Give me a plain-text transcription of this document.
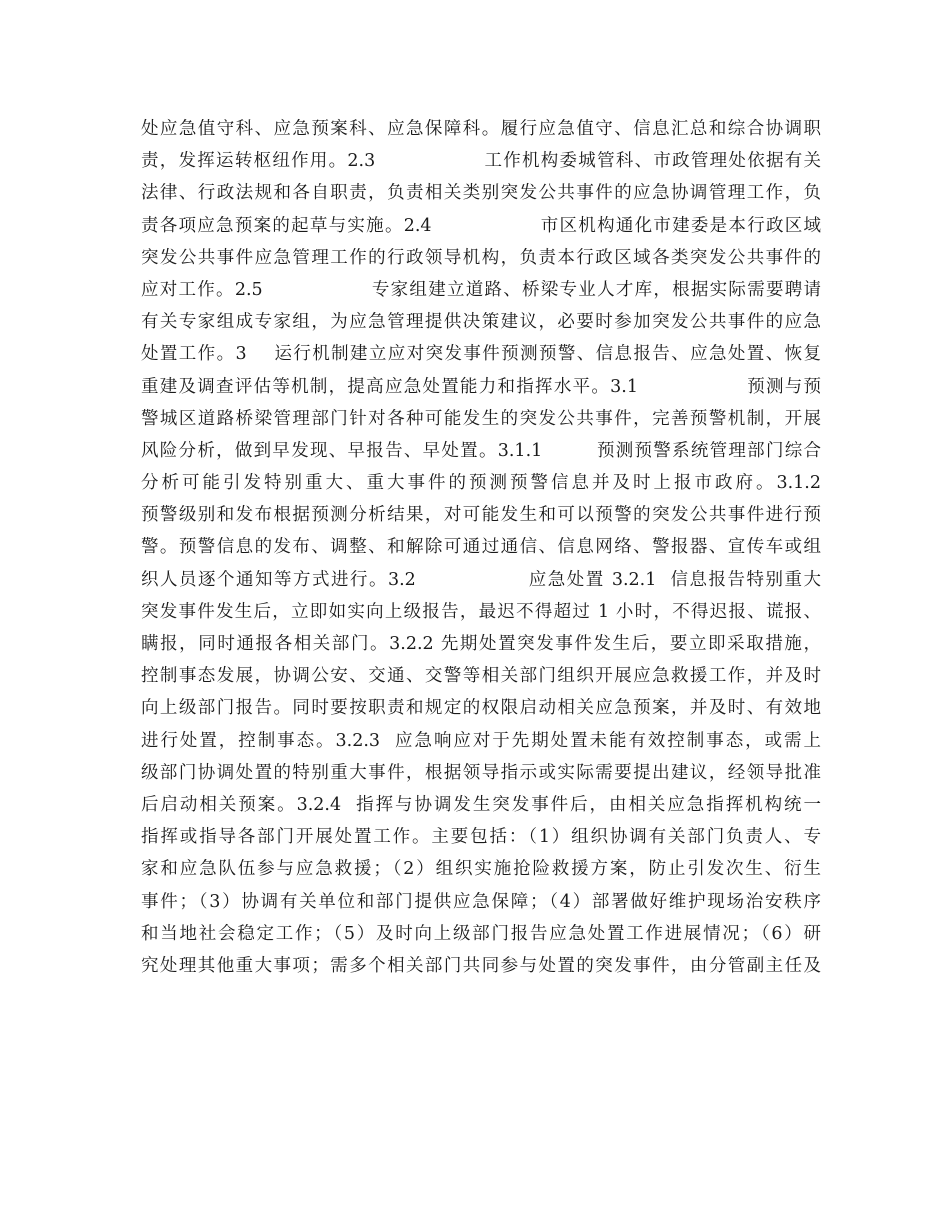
处应急值守科、应急预案科、应急保障科。履行应急值守、信息汇总和综合协调职
责，发挥运转枢纽作用。2.3                工作机构委城管科、市政管理处依据有关
法律、行政法规和各自职责，负责相关类别突发公共事件的应急协调管理工作，负
责各项应急预案的起草与实施。2.4                市区机构通化市建委是本行政区域
突发公共事件应急管理工作的行政领导机构，负责本行政区域各类突发公共事件的
应对工作。2.5                专家组建立道路、桥梁专业人才库，根据实际需要聘请
有关专家组成专家组，为应急管理提供决策建议，必要时参加突发公共事件的应急
处置工作。3    运行机制建立应对突发事件预测预警、信息报告、应急处置、恢复
重建及调查评估等机制，提高应急处置能力和指挥水平。3.1                预测与预
警城区道路桥梁管理部门针对各种可能发生的突发公共事件，完善预警机制，开展
风险分析，做到早发现、早报告、早处置。3.1.1        预测预警系统管理部门综合
分析可能引发特别重大、重大事件的预测预警信息并及时上报市政府。3.1.2
预警级别和发布根据预测分析结果，对可能发生和可以预警的突发公共事件进行预
警。预警信息的发布、调整、和解除可通过通信、信息网络、警报器、宣传车或组
织人员逐个通知等方式进行。3.2                应急处置 3.2.1  信息报告特别重大
突发事件发生后，立即如实向上级报告，最迟不得超过 1 小时，不得迟报、谎报、
瞒报，同时通报各相关部门。3.2.2 先期处置突发事件发生后，要立即采取措施，
控制事态发展，协调公安、交通、交警等相关部门组织开展应急救援工作，并及时
向上级部门报告。同时要按职责和规定的权限启动相关应急预案，并及时、有效地
进行处置，控制事态。3.2.3  应急响应对于先期处置未能有效控制事态，或需上
级部门协调处置的特别重大事件，根据领导指示或实际需要提出建议，经领导批准
后启动相关预案。3.2.4  指挥与协调发生突发事件后，由相关应急指挥机构统一
指挥或指导各部门开展处置工作。主要包括：（1）组织协调有关部门负责人、专
家和应急队伍参与应急救援；（2）组织实施抢险救援方案，防止引发次生、衍生
事件；（3）协调有关单位和部门提供应急保障；（4）部署做好维护现场治安秩序
和当地社会稳定工作；（5）及时向上级部门报告应急处置工作进展情况；（6）研
究处理其他重大事项；需多个相关部门共同参与处置的突发事件，由分管副主任及
